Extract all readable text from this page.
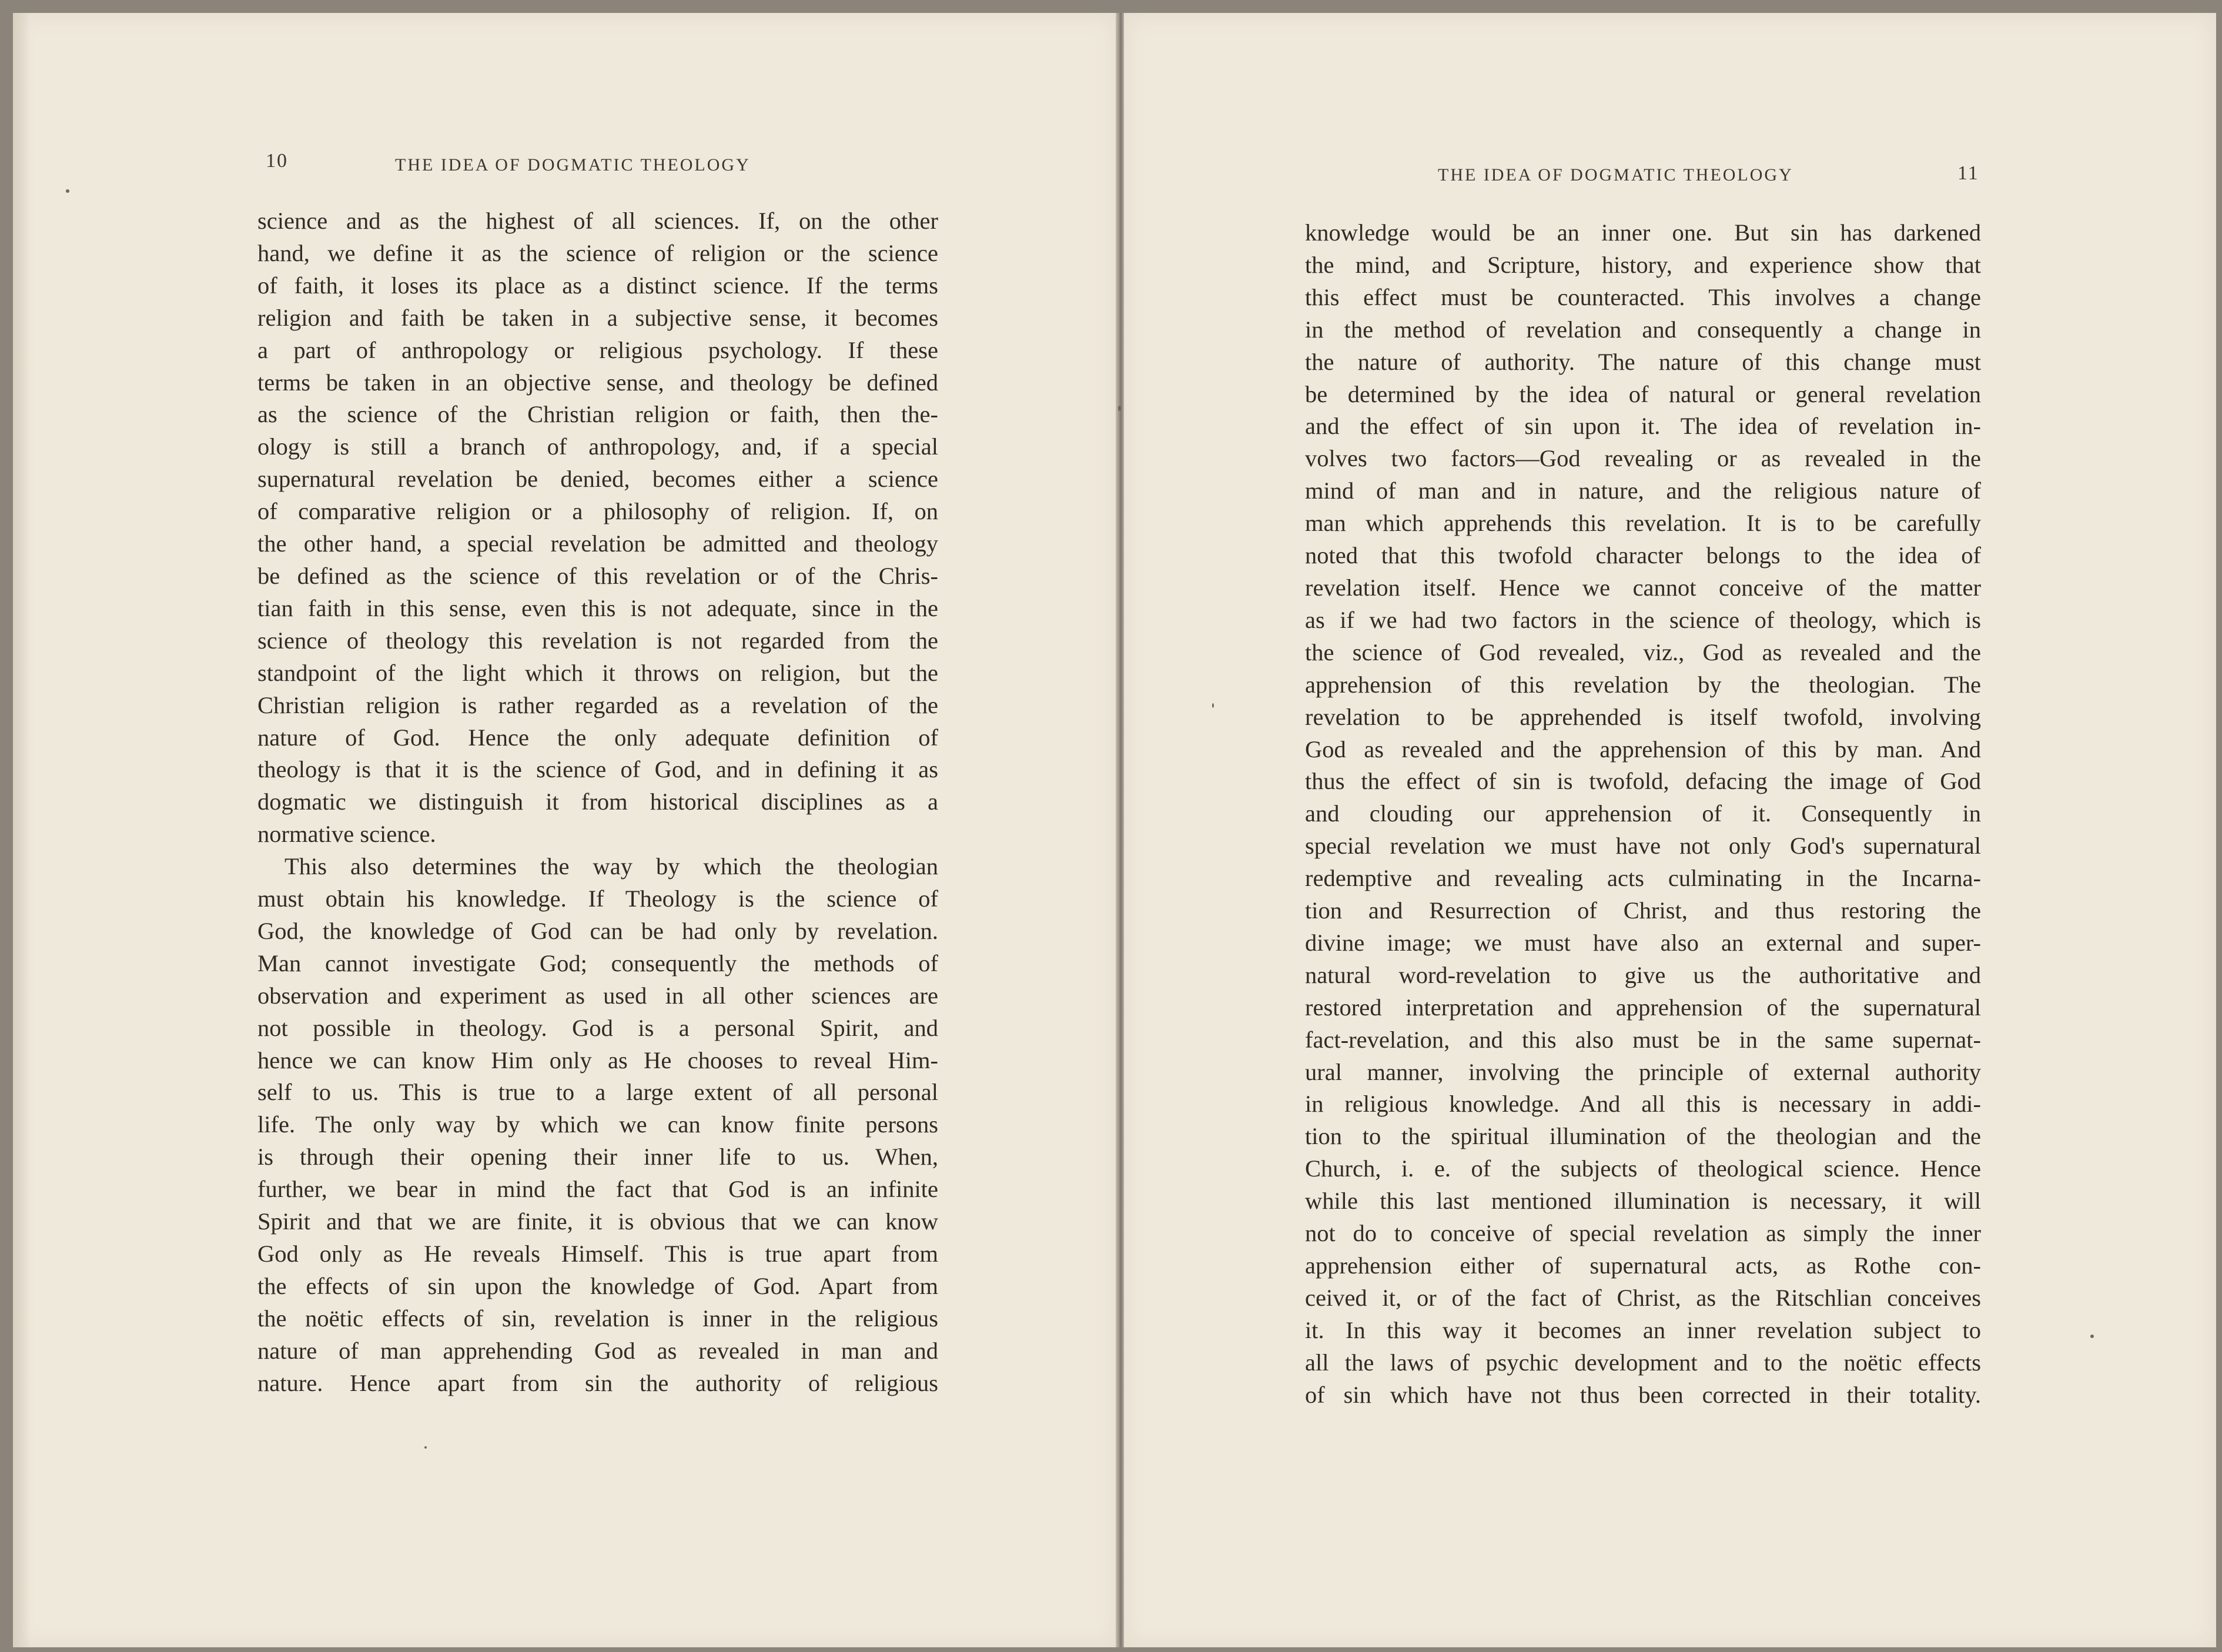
10	THE IDEA OF DOGMATIC THEOLOGY
THE IDEA OF DOGMATIC THEOLOGY	11
science and as the highest of all sciences. If, on the other
hand, we define it as the science of religion or the science
of faith, it loses its place as a distinct science. If the terms
religion and faith be taken in a subjective sense, it becomes
a part of anthropology or religious psychology. If these
terms be taken in an objective sense, and theology be defined
as the science of the Christian religion or faith, then the-
ology is still a branch of anthropology, and, if a special
supernatural revelation be denied, becomes either a science
of comparative religion or a philosophy of religion. If, on
the other hand, a special revelation be admitted and theology
be defined as the science of this revelation or of the Chris-
tian faith in this sense, even this is not adequate, since in the
science of theology this revelation is not regarded from the
standpoint of the light which it throws on religion, but the
Christian religion is rather regarded as a revelation of the
nature of God. Hence the only adequate definition of
theology is that it is the science of God, and in defining it as
dogmatic we distinguish it from historical disciplines as a
normative science.
This also determines the way by which the theologian
must obtain his knowledge. If Theology is the science of
God, the knowledge of God can be had only by revelation.
Man cannot investigate God; consequently the methods of
observation and experiment as used in all other sciences are
not possible in theology. God is a personal Spirit, and
hence we can know Him only as He chooses to reveal Him-
self to us. This is true to a large extent of all personal
life. The only way by which we can know finite persons
is through their opening their inner life to us. When,
further, we bear in mind the fact that God is an infinite
Spirit and that we are finite, it is obvious that we can know
God only as He reveals Himself. This is true apart from
the effects of sin upon the knowledge of God. Apart from
the noëtic effects of sin, revelation is inner in the religious
nature of man apprehending God as revealed in man and
nature. Hence apart from sin the authority of religious
knowledge would be an inner one. But sin has darkened
the mind, and Scripture, history, and experience show that
this effect must be counteracted. This involves a change
in the method of revelation and consequently a change in
the nature of authority. The nature of this change must
be determined by the idea of natural or general revelation
and the effect of sin upon it. The idea of revelation in-
volves two factors—God revealing or as revealed in the
mind of man and in nature, and the religious nature of
man which apprehends this revelation. It is to be carefully
noted that this twofold character belongs to the idea of
revelation itself. Hence we cannot conceive of the matter
as if we had two factors in the science of theology, which is
the science of God revealed, viz., God as revealed and the
apprehension of this revelation by the theologian. The
revelation to be apprehended is itself twofold, involving
God as revealed and the apprehension of this by man. And
thus the effect of sin is twofold, defacing the image of God
and clouding our apprehension of it. Consequently in
special revelation we must have not only God's supernatural
redemptive and revealing acts culminating in the Incarna-
tion and Resurrection of Christ, and thus restoring the
divine image; we must have also an external and super-
natural word-revelation to give us the authoritative and
restored interpretation and apprehension of the supernatural
fact-revelation, and this also must be in the same supernat-
ural manner, involving the principle of external authority
in religious knowledge. And all this is necessary in addi-
tion to the spiritual illumination of the theologian and the
Church, i. e. of the subjects of theological science. Hence
while this last mentioned illumination is necessary, it will
not do to conceive of special revelation as simply the inner
apprehension either of supernatural acts, as Rothe con-
ceived it, or of the fact of Christ, as the Ritschlian conceives
it. In this way it becomes an inner revelation subject to
all the laws of psychic development and to the noëtic effects
of sin which have not thus been corrected in their totality.
